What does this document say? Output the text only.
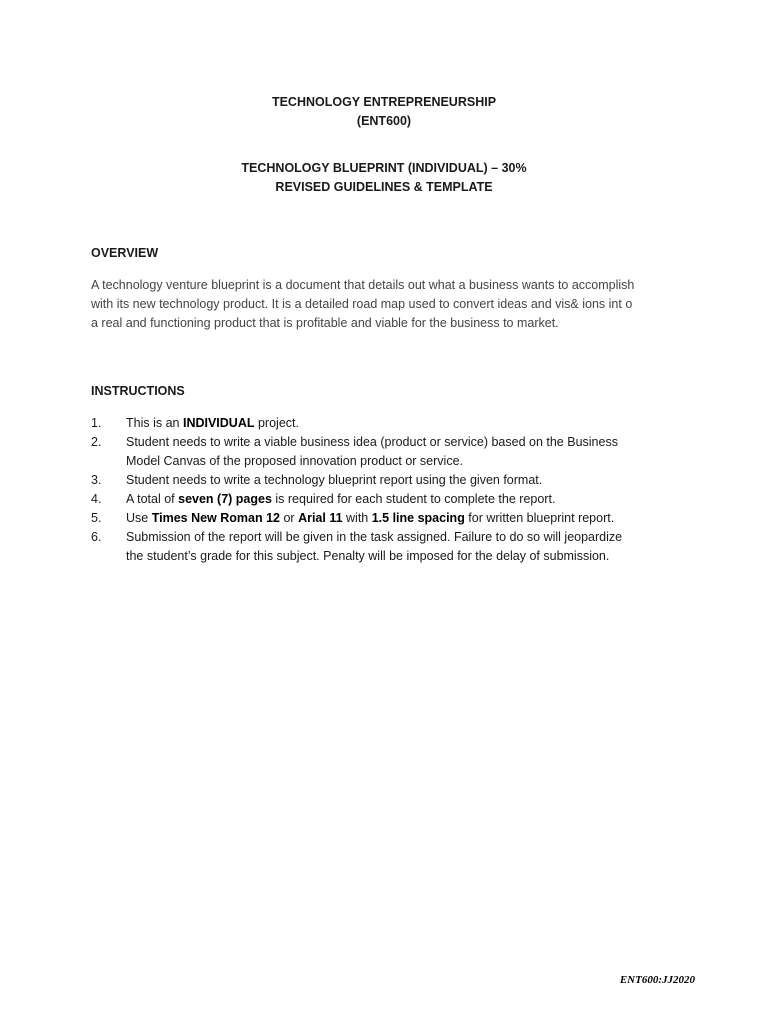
TECHNOLOGY ENTREPRENEURSHIP
(ENT600)
TECHNOLOGY BLUEPRINT (INDIVIDUAL) – 30%
REVISED GUIDELINES & TEMPLATE
OVERVIEW
A technology venture blueprint is a document that details out what a business wants to accomplish
with its new technology product. It is a detailed road map used to convert ideas and vis& ions int o
a real and functioning product that is profitable and viable for the business to market.
INSTRUCTIONS
1.	This is an INDIVIDUAL project.
2.	Student needs to write a viable business idea (product or service) based on the Business
Model Canvas of the proposed innovation product or service.
3.	Student needs to write a technology blueprint report using the given format.
4.	A total of seven (7) pages is required for each student to complete the report.
5.	Use Times New Roman 12 or Arial 11 with 1.5 line spacing for written blueprint report.
6.	Submission of the report will be given in the task assigned. Failure to do so will jeopardize
the student’s grade for this subject. Penalty will be imposed for the delay of submission.
ENT600:JJ2020
